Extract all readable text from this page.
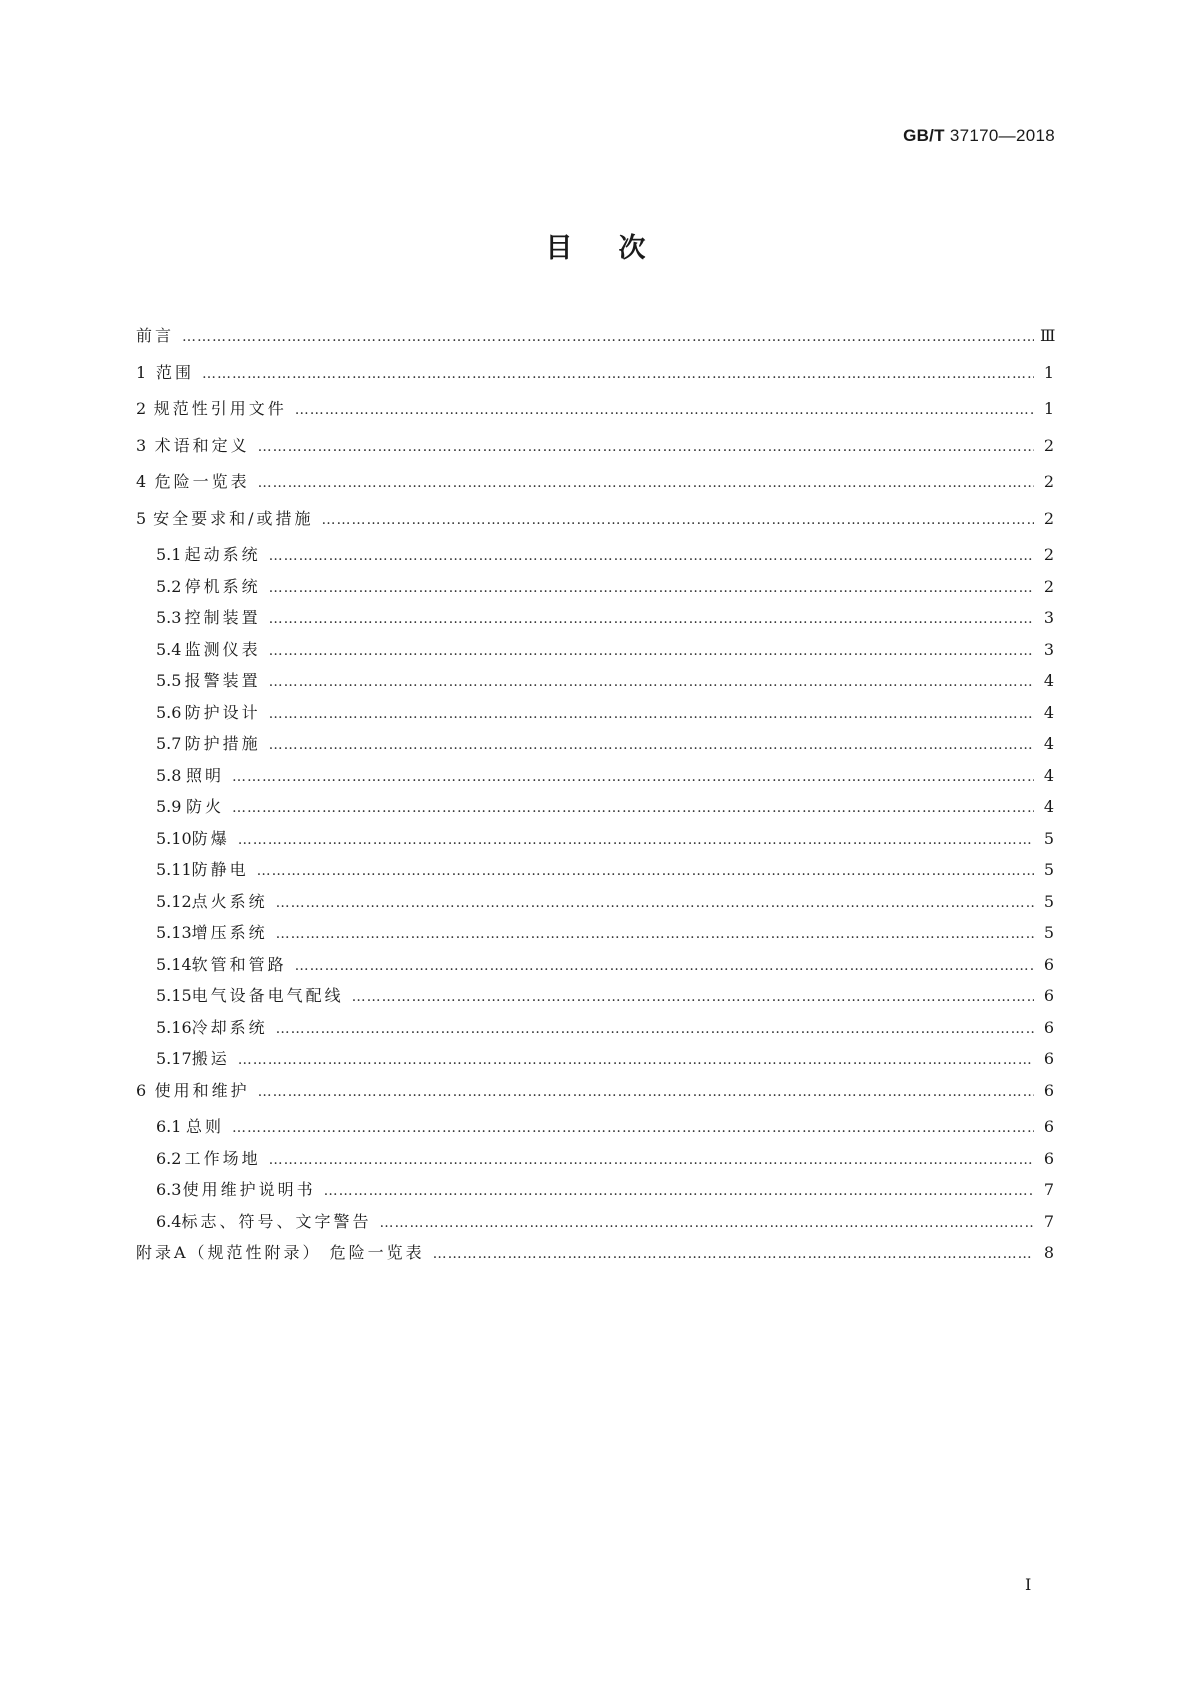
GB/T 37170—2018
目次
前言 ……………………………………………………………………………………………………………………………………………………………………………………………………………………………………………	Ⅲ
1 范围 ……………………………………………………………………………………………………………………………………………………………………………………………………………………………………………	1
2 规范性引用文件 ……………………………………………………………………………………………………………………………………………………………………………………………………………………………………………	1
3 术语和定义 ……………………………………………………………………………………………………………………………………………………………………………………………………………………………………………	2
4 危险一览表 ……………………………………………………………………………………………………………………………………………………………………………………………………………………………………………	2
5 安全要求和/或措施 ……………………………………………………………………………………………………………………………………………………………………………………………………………………………………………	2
5.1 起动系统 ……………………………………………………………………………………………………………………………………………………………………………………………………………………………………………	2
5.2 停机系统 ……………………………………………………………………………………………………………………………………………………………………………………………………………………………………………	2
5.3 控制装置 ……………………………………………………………………………………………………………………………………………………………………………………………………………………………………………	3
5.4 监测仪表 ……………………………………………………………………………………………………………………………………………………………………………………………………………………………………………	3
5.5 报警装置 ……………………………………………………………………………………………………………………………………………………………………………………………………………………………………………	4
5.6 防护设计 ……………………………………………………………………………………………………………………………………………………………………………………………………………………………………………	4
5.7 防护措施 ……………………………………………………………………………………………………………………………………………………………………………………………………………………………………………	4
5.8 照明 ……………………………………………………………………………………………………………………………………………………………………………………………………………………………………………	4
5.9 防火 ……………………………………………………………………………………………………………………………………………………………………………………………………………………………………………	4
5.10 防爆 ……………………………………………………………………………………………………………………………………………………………………………………………………………………………………………	5
5.11 防静电 ……………………………………………………………………………………………………………………………………………………………………………………………………………………………………………	5
5.12 点火系统 ……………………………………………………………………………………………………………………………………………………………………………………………………………………………………………	5
5.13 增压系统 ……………………………………………………………………………………………………………………………………………………………………………………………………………………………………………	5
5.14 软管和管路 ……………………………………………………………………………………………………………………………………………………………………………………………………………………………………………	6
5.15 电气设备电气配线 ……………………………………………………………………………………………………………………………………………………………………………………………………………………………………………	6
5.16 冷却系统 ……………………………………………………………………………………………………………………………………………………………………………………………………………………………………………	6
5.17 搬运 ……………………………………………………………………………………………………………………………………………………………………………………………………………………………………………	6
6 使用和维护 ……………………………………………………………………………………………………………………………………………………………………………………………………………………………………………	6
6.1 总则 ……………………………………………………………………………………………………………………………………………………………………………………………………………………………………………	6
6.2 工作场地 ……………………………………………………………………………………………………………………………………………………………………………………………………………………………………………	6
6.3 使用维护说明书 ……………………………………………………………………………………………………………………………………………………………………………………………………………………………………………	7
6.4 标志、符号、文字警告 ……………………………………………………………………………………………………………………………………………………………………………………………………………………………………………	7
附录A（规范性附录） 危险一览表 ……………………………………………………………………………………………………………………………………………………………………………………………………………………………………………	8
I
